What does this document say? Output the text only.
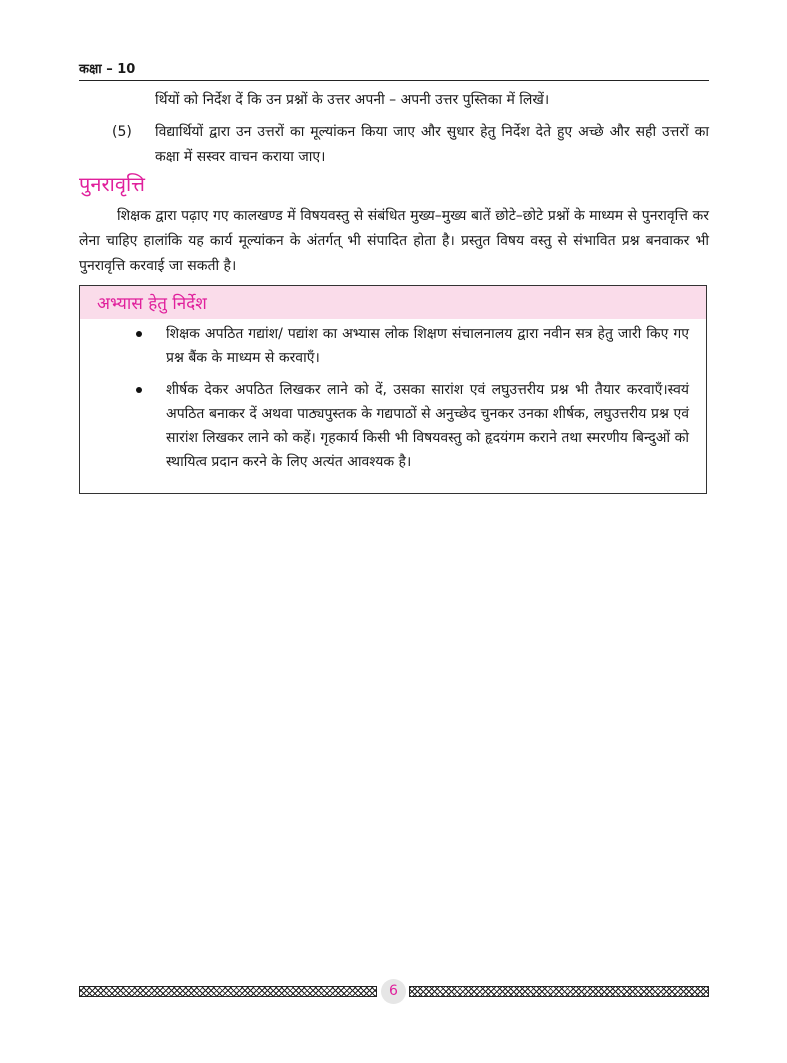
कक्षा – 10
र्थियों को निर्देश दें कि उन प्रश्नों के उत्तर अपनी – अपनी उत्तर पुस्तिका में लिखें।
(5) विद्यार्थियों द्वारा उन उत्तरों का मूल्यांकन किया जाए और सुधार हेतु निर्देश देते हुए अच्छे और सही उत्तरों का कक्षा में सस्वर वाचन कराया जाए।
पुनरावृत्ति
शिक्षक द्वारा पढ़ाए गए कालखण्ड में विषयवस्तु से संबंधित मुख्य–मुख्य बातें छोटे–छोटे प्रश्नों के माध्यम से पुनरावृत्ति कर लेना चाहिए हालांकि यह कार्य मूल्यांकन के अंतर्गत् भी संपादित होता है। प्रस्तुत विषय वस्तु से संभावित प्रश्न बनवाकर भी पुनरावृत्ति करवाई जा सकती है।
अभ्यास हेतु निर्देश
शिक्षक अपठित गद्यांश/ पद्यांश का अभ्यास लोक शिक्षण संचालनालय द्वारा नवीन सत्र हेतु जारी किए गए प्रश्न बैंक के माध्यम से करवाएँ।
शीर्षक देकर अपठित लिखकर लाने को दें, उसका सारांश एवं लघुउत्तरीय प्रश्न भी तैयार करवाएँ।स्वयं अपठित बनाकर दें अथवा पाठ्यपुस्तक के गद्यपाठों से अनुच्छेद चुनकर उनका शीर्षक, लघुउत्तरीय प्रश्न एवं सारांश लिखकर लाने को कहें। गृहकार्य किसी भी विषयवस्तु को हृदयंगम कराने तथा स्मरणीय बिन्दुओं को स्थायित्व प्रदान करने के लिए अत्यंत आवश्यक है।
6
